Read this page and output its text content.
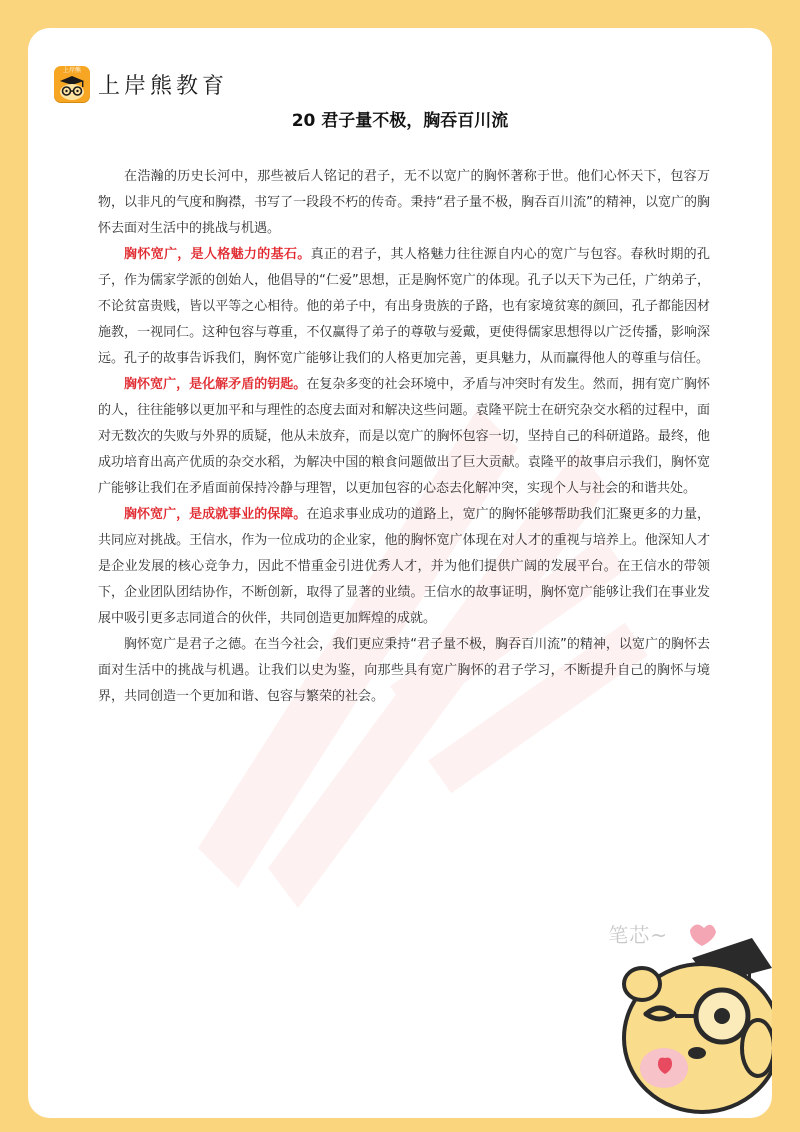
上岸熊
上岸熊教育
20 君子量不极，胸吞百川流

在浩瀚的历史长河中，那些被后人铭记的君子，无不以宽广的胸怀著称于世。他们心怀天下，包容万物，以非凡的气度和胸襟，书写了一段段不朽的传奇。秉持“君子量不极，胸吞百川流”的精神，以宽广的胸怀去面对生活中的挑战与机遇。

胸怀宽广，是人格魅力的基石。真正的君子，其人格魅力往往源自内心的宽广与包容。春秋时期的孔子，作为儒家学派的创始人，他倡导的“仁爱”思想，正是胸怀宽广的体现。孔子以天下为己任，广纳弟子，不论贫富贵贱，皆以平等之心相待。他的弟子中，有出身贵族的子路，也有家境贫寒的颜回，孔子都能因材施教，一视同仁。这种包容与尊重，不仅赢得了弟子的尊敬与爱戴，更使得儒家思想得以广泛传播，影响深远。孔子的故事告诉我们，胸怀宽广能够让我们的人格更加完善，更具魅力，从而赢得他人的尊重与信任。

胸怀宽广，是化解矛盾的钥匙。在复杂多变的社会环境中，矛盾与冲突时有发生。然而，拥有宽广胸怀的人，往往能够以更加平和与理性的态度去面对和解决这些问题。袁隆平院士在研究杂交水稻的过程中，面对无数次的失败与外界的质疑，他从未放弃，而是以宽广的胸怀包容一切，坚持自己的科研道路。最终，他成功培育出高产优质的杂交水稻，为解决中国的粮食问题做出了巨大贡献。袁隆平的故事启示我们，胸怀宽广能够让我们在矛盾面前保持冷静与理智，以更加包容的心态去化解冲突，实现个人与社会的和谐共处。

胸怀宽广，是成就事业的保障。在追求事业成功的道路上，宽广的胸怀能够帮助我们汇聚更多的力量，共同应对挑战。王信水，作为一位成功的企业家，他的胸怀宽广体现在对人才的重视与培养上。他深知人才是企业发展的核心竞争力，因此不惜重金引进优秀人才，并为他们提供广阔的发展平台。在王信水的带领下，企业团队团结协作，不断创新，取得了显著的业绩。王信水的故事证明，胸怀宽广能够让我们在事业发展中吸引更多志同道合的伙伴，共同创造更加辉煌的成就。

胸怀宽广是君子之德。在当今社会，我们更应秉持“君子量不极，胸吞百川流”的精神，以宽广的胸怀去面对生活中的挑战与机遇。让我们以史为鉴，向那些具有宽广胸怀的君子学习，不断提升自己的胸怀与境界，共同创造一个更加和谐、包容与繁荣的社会。

笔芯~
